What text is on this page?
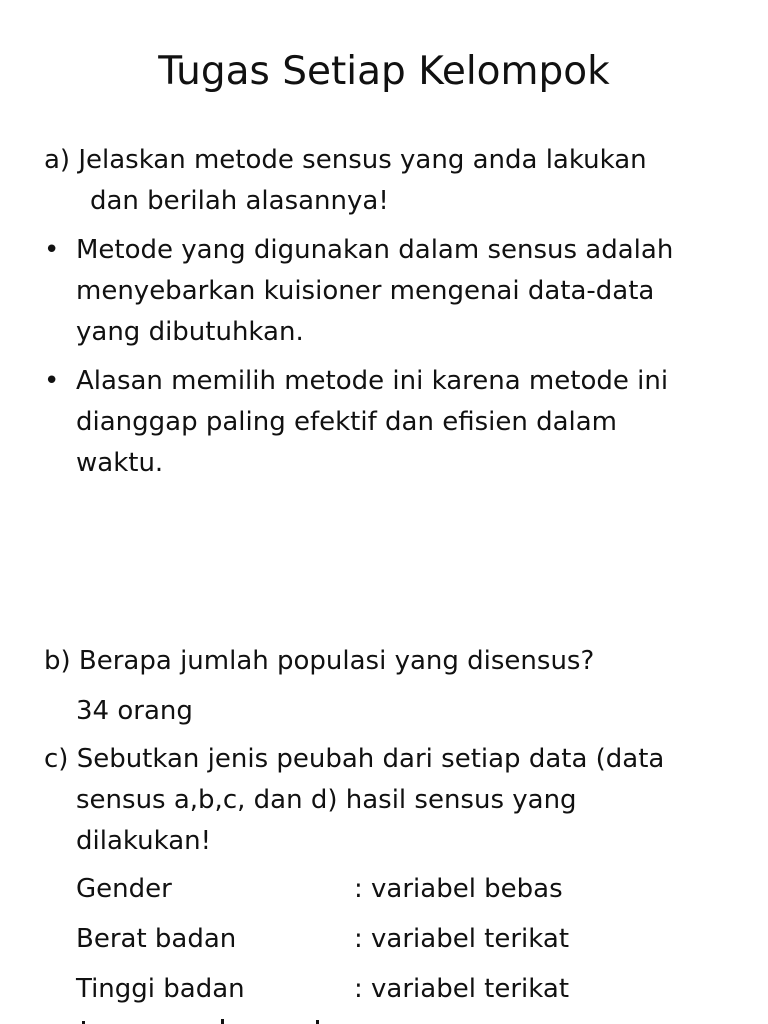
Tugas Setiap Kelompok
a) Jelaskan metode sensus yang anda lakukan
dan berilah alasannya!
• Metode yang digunakan dalam sensus adalah
menyebarkan kuisioner mengenai data-data
yang dibutuhkan.
• Alasan memilih metode ini karena metode ini
dianggap paling efektif dan efisien dalam
waktu.
b) Berapa jumlah populasi yang disensus?
34 orang
c) Sebutkan jenis peubah dari setiap data (data
sensus a,b,c, dan d) hasil sensus yang
dilakukan!
Gender	: variabel bebas
Berat badan	: variabel terikat
Tinggi badan	: variabel terikat
